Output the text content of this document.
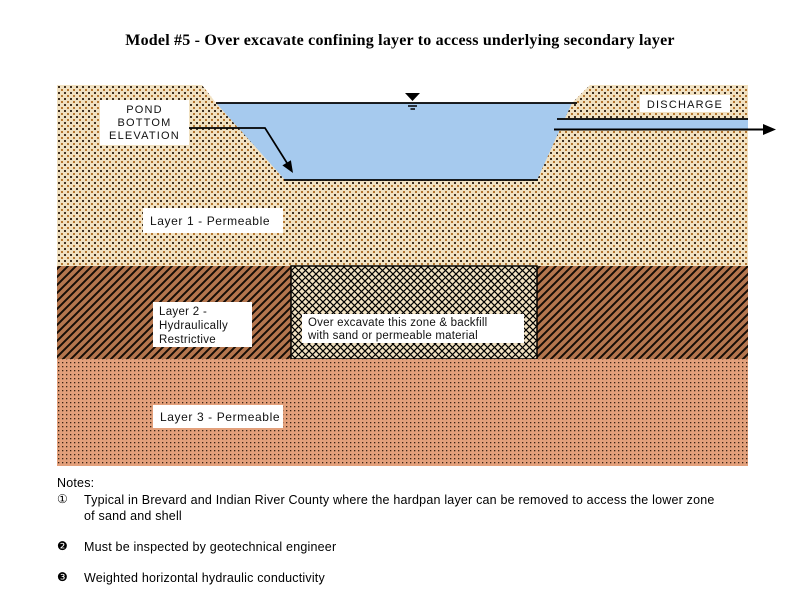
Model #5 - Over excavate confining layer to access underlying secondary layer
POND
BOTTOM
ELEVATION
DISCHARGE
Layer 1 - Permeable
Layer 2 -
Hydraulically
Restrictive
Over excavate this zone & backfill
with sand or permeable material
Layer 3 - Permeable
Notes:
①	Typical in Brevard and Indian River County where the hardpan layer can be removed to access the lower zone of sand and shell
❷	Must be inspected by geotechnical engineer
❸	Weighted horizontal hydraulic conductivity
